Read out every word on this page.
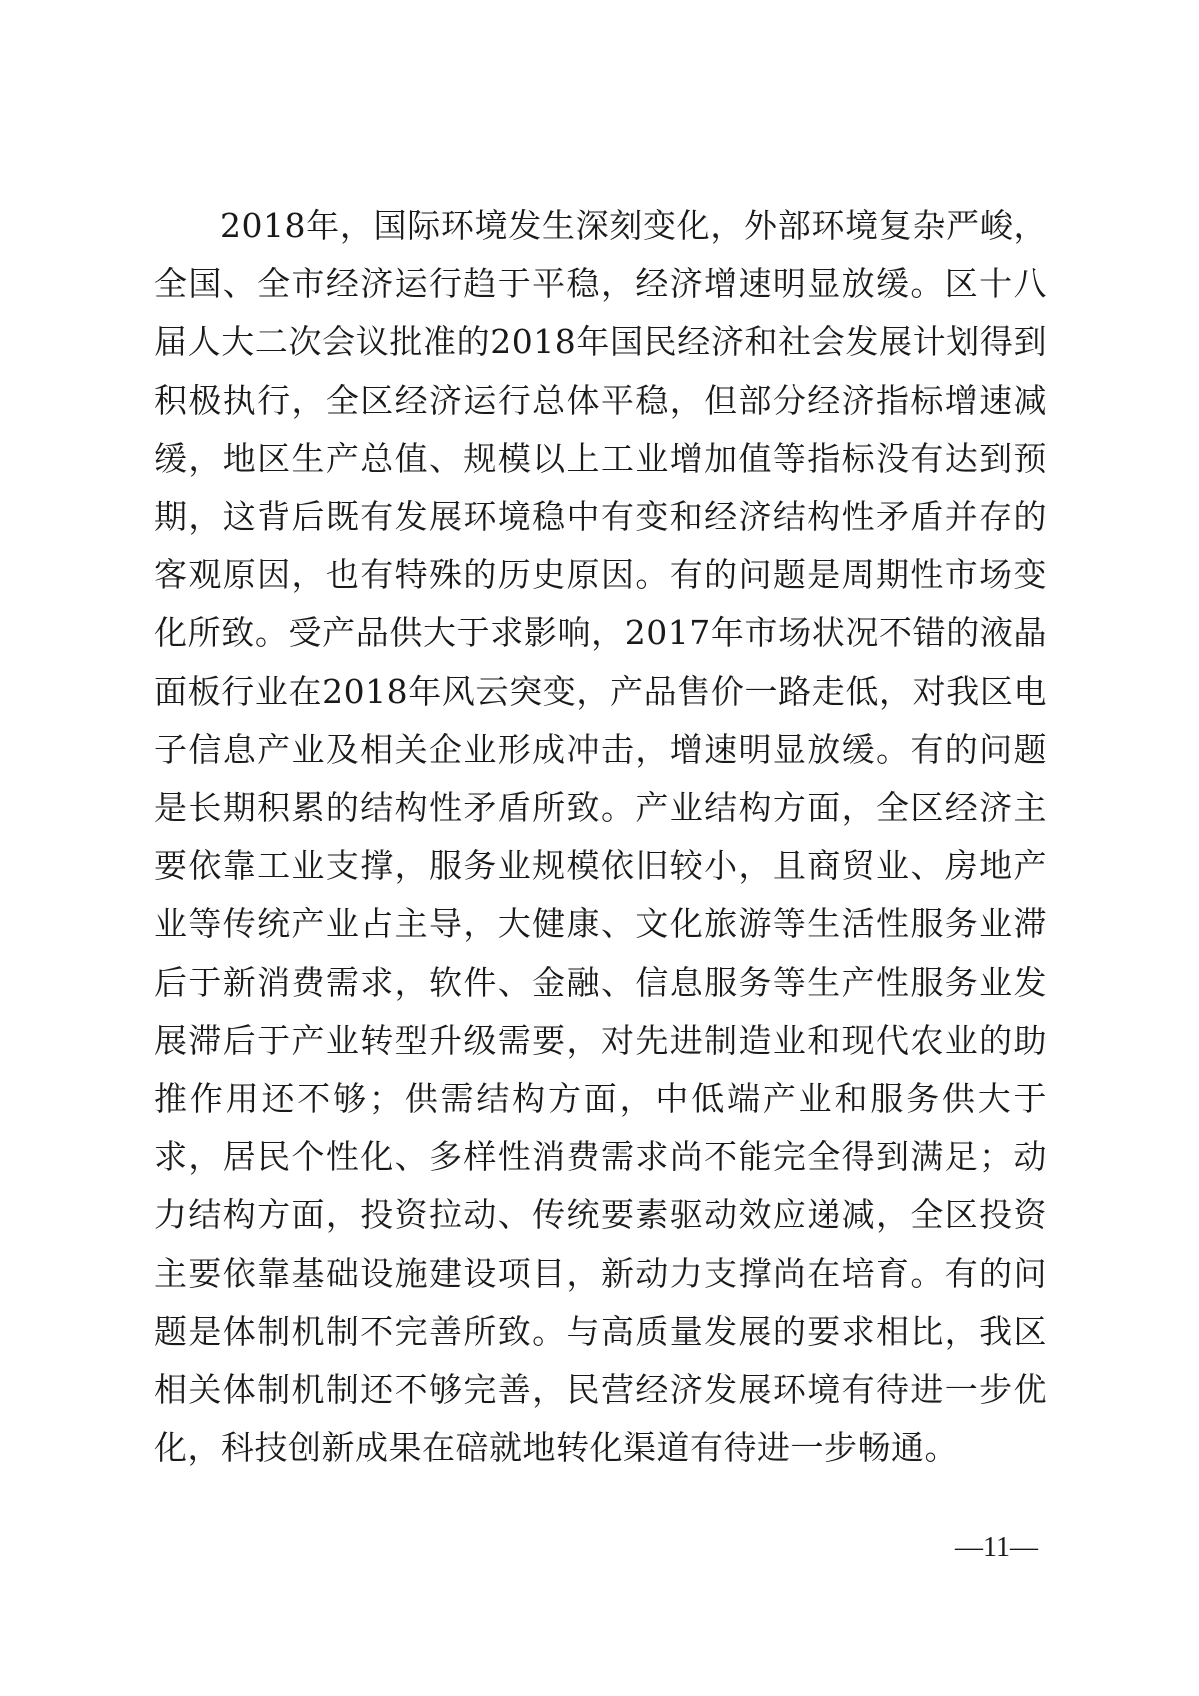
2018年，国际环境发生深刻变化，外部环境复杂严峻，全国、全市经济运行趋于平稳，经济增速明显放缓。区十八届人大二次会议批准的2018年国民经济和社会发展计划得到积极执行，全区经济运行总体平稳，但部分经济指标增速减缓，地区生产总值、规模以上工业增加值等指标没有达到预期，这背后既有发展环境稳中有变和经济结构性矛盾并存的客观原因，也有特殊的历史原因。有的问题是周期性市场变化所致。受产品供大于求影响，2017年市场状况不错的液晶面板行业在2018年风云突变，产品售价一路走低，对我区电子信息产业及相关企业形成冲击，增速明显放缓。有的问题是长期积累的结构性矛盾所致。产业结构方面，全区经济主要依靠工业支撑，服务业规模依旧较小，且商贸业、房地产业等传统产业占主导，大健康、文化旅游等生活性服务业滞后于新消费需求，软件、金融、信息服务等生产性服务业发展滞后于产业转型升级需要，对先进制造业和现代农业的助推作用还不够；供需结构方面，中低端产业和服务供大于求，居民个性化、多样性消费需求尚不能完全得到满足；动力结构方面，投资拉动、传统要素驱动效应递减，全区投资主要依靠基础设施建设项目，新动力支撑尚在培育。有的问题是体制机制不完善所致。与高质量发展的要求相比，我区相关体制机制还不够完善，民营经济发展环境有待进一步优化，科技创新成果在碚就地转化渠道有待进一步畅通。

—11—
